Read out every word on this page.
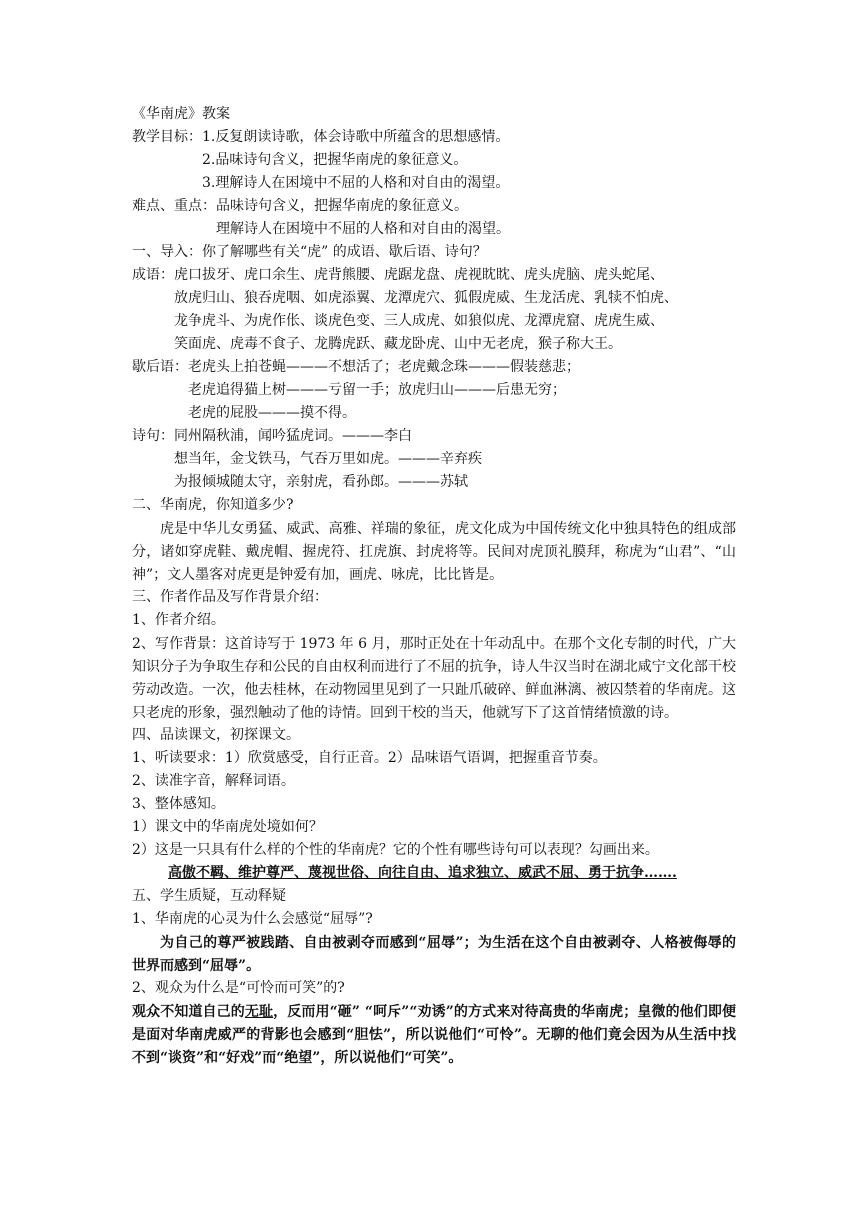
《华南虎》教案
教学目标： 1.反复朗读诗歌，体会诗歌中所蕴含的思想感情。
2.品味诗句含义，把握华南虎的象征意义。
3.理解诗人在困境中不屈的人格和对自由的渴望。
难点、重点： 品味诗句含义，把握华南虎的象征意义。
理解诗人在困境中不屈的人格和对自由的渴望。
一、导入：你了解哪些有关“虎” 的成语、歇后语、诗句？
成语： 虎口拔牙、虎口余生、虎背熊腰、虎踞龙盘、虎视眈眈、虎头虎脑、虎头蛇尾、
放虎归山、狼吞虎咽、如虎添翼、龙潭虎穴、狐假虎威、生龙活虎、乳犊不怕虎、
龙争虎斗、为虎作伥、谈虎色变、三人成虎、如狼似虎、龙潭虎窟、虎虎生威、
笑面虎、虎毒不食子、龙腾虎跃、藏龙卧虎、山中无老虎，猴子称大王。
歇后语： 老虎头上拍苍蝇———不想活了；老虎戴念珠———假装慈悲；
老虎追得猫上树———亏留一手；放虎归山———后患无穷；
老虎的屁股———摸不得。
诗句： 同州隔秋浦，闻吟猛虎词。———李白
想当年，金戈铁马，气吞万里如虎。———辛弃疾
为报倾城随太守，亲射虎，看孙郎。———苏轼
二、华南虎，你知道多少?

虎是中华儿女勇猛、威武、高雅、祥瑞的象征，虎文化成为中国传统文化中独具特色的组成部分，诸如穿虎鞋、戴虎帽、握虎符、扛虎旗、封虎将等。民间对虎顶礼膜拜，称虎为“山君”、“山神”；文人墨客对虎更是钟爱有加，画虎、咏虎，比比皆是。

三、作者作品及写作背景介绍：
1、作者介绍。

2、写作背景：这首诗写于 1973 年 6 月，那时正处在十年动乱中。在那个文化专制的时代，广大知识分子为争取生存和公民的自由权利而进行了不屈的抗争，诗人牛汉当时在湖北咸宁文化部干校劳动改造。一次，他去桂林，在动物园里见到了一只趾爪破碎、鲜血淋漓、被囚禁着的华南虎。这只老虎的形象，强烈触动了他的诗情。回到干校的当天，他就写下了这首情绪愤激的诗。

四、品读课文，初探课文。
1、听读要求：1）欣赏感受，自行正音。2）品味语气语调，把握重音节奏。
2、读准字音，解释词语。
3、整体感知。
1）课文中的华南虎处境如何？
2）这是一只具有什么样的个性的华南虎？它的个性有哪些诗句可以表现？勾画出来。
高傲不羁、维护尊严、蔑视世俗、向往自由、追求独立、威武不屈、勇于抗争…….
五、学生质疑，互动释疑
1、华南虎的心灵为什么会感觉“屈辱”?

为自己的尊严被践踏、自由被剥夺而感到“屈辱”；为生活在这个自由被剥夺、人格被侮辱的世界而感到“屈辱”。

2、观众为什么是“可怜而可笑”的?

观众不知道自己的无耻，反而用“砸” “呵斥”“劝诱”的方式来对待高贵的华南虎；皇微的他们即便是面对华南虎威严的背影也会感到“胆怯”，所以说他们“可怜”。无聊的他们竟会因为从生活中找不到“谈资”和“好戏”而“绝望”，所以说他们“可笑”。
